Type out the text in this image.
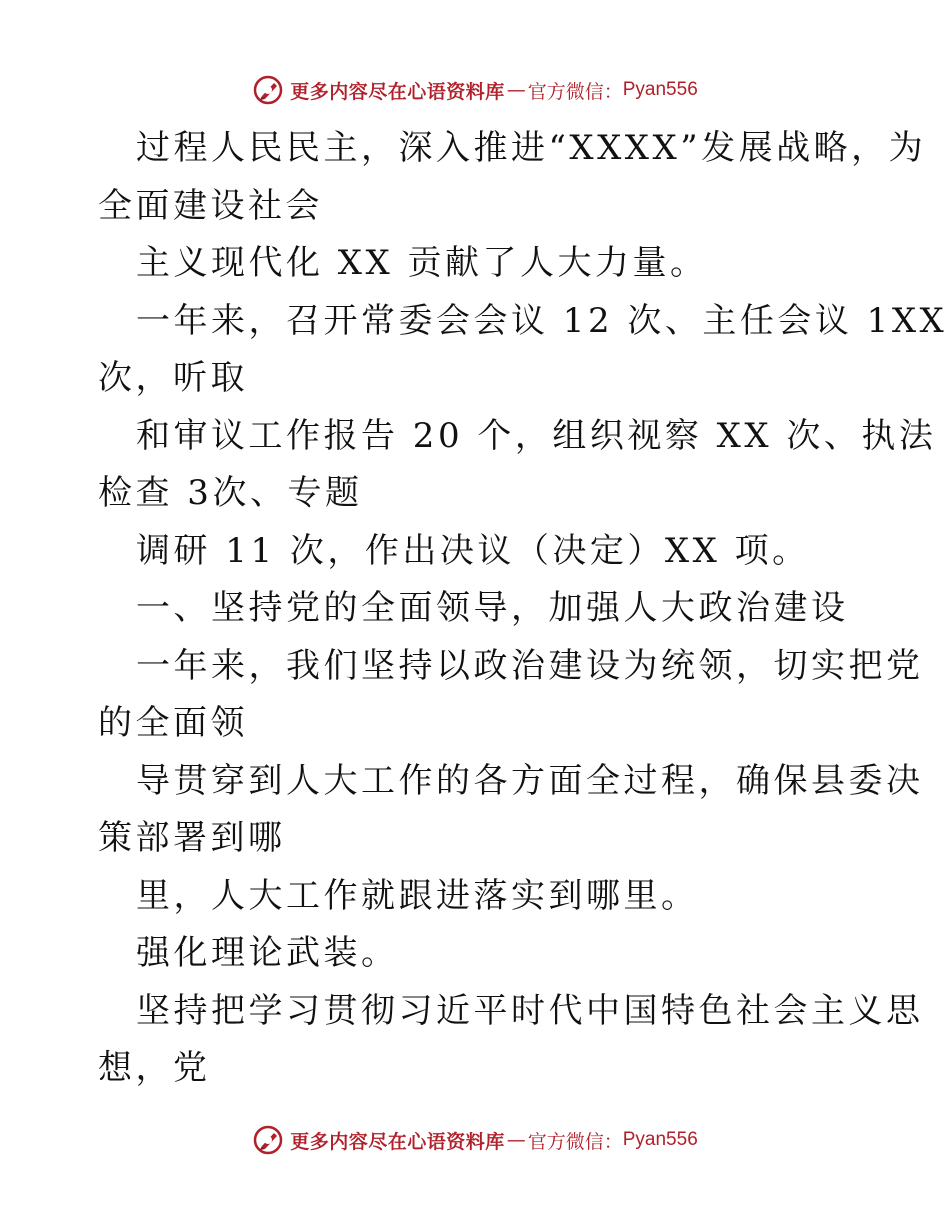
更多内容尽在心语资料库 — 官方微信： Pyan556
过程人民民主，深入推进“XXXX”发展战略，为
全面建设社会
主义现代化 XX 贡献了人大力量。
一年来，召开常委会会议 12 次、主任会议 1XX
次，听取
和审议工作报告 20 个，组织视察 XX 次、执法
检查 3次、专题
调研 11 次，作出决议（决定）XX 项。
一、坚持党的全面领导，加强人大政治建设
一年来，我们坚持以政治建设为统领，切实把党
的全面领
导贯穿到人大工作的各方面全过程，确保县委决
策部署到哪
里，人大工作就跟进落实到哪里。
强化理论武装。
坚持把学习贯彻习近平时代中国特色社会主义思
想，党
更多内容尽在心语资料库 — 官方微信： Pyan556
